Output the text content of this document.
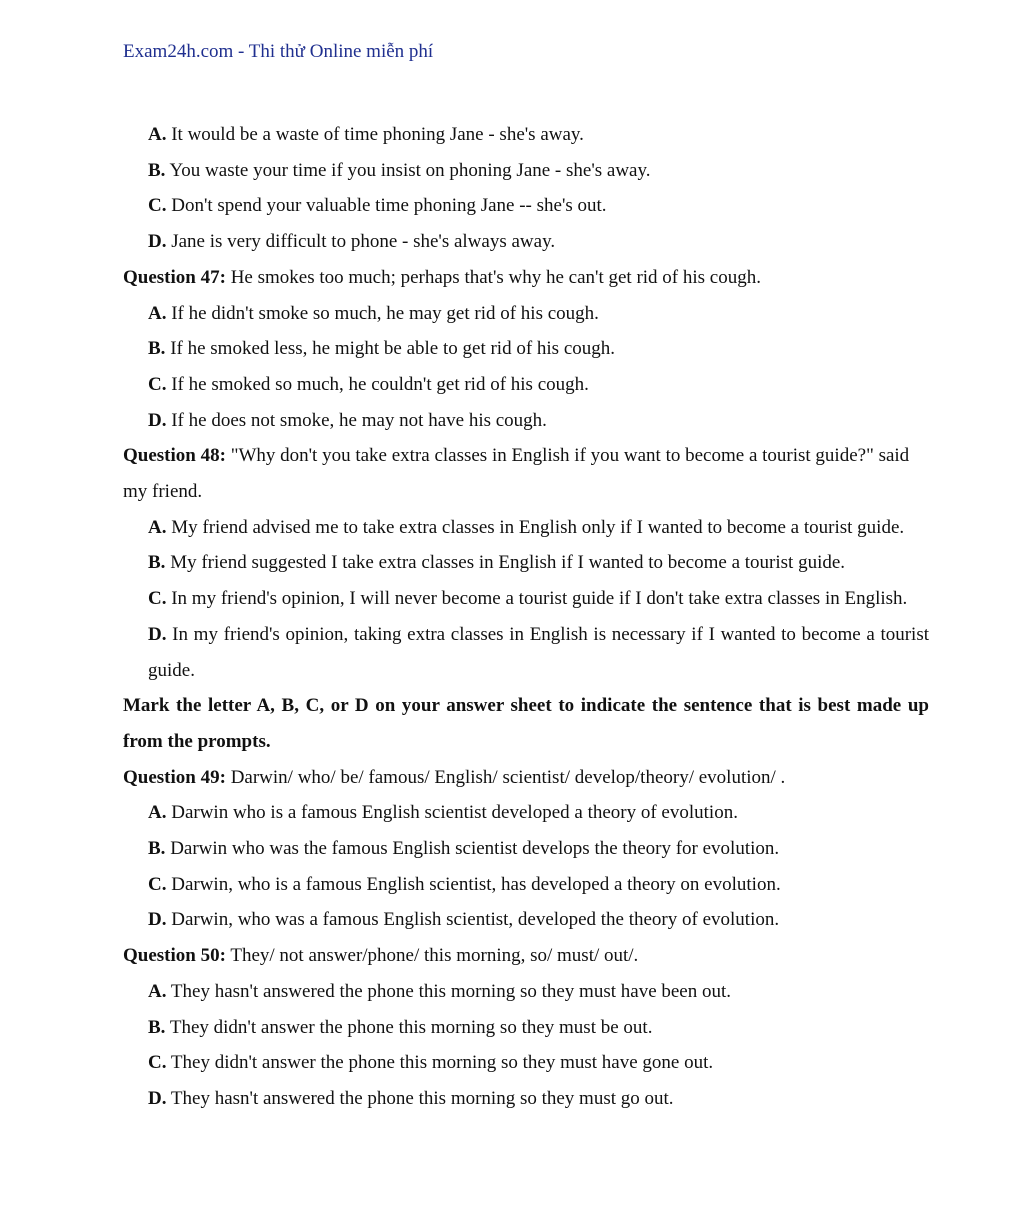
Exam24h.com - Thi thử Online miễn phí
A. It would be a waste of time phoning Jane - she's away.
B. You waste your time if you insist on phoning Jane - she's away.
C. Don't spend your valuable time phoning Jane -- she's out.
D. Jane is very difficult to phone - she's always away.
Question 47: He smokes too much; perhaps that's why he can't get rid of his cough.
A. If he didn't smoke so much, he may get rid of his cough.
B. If he smoked less, he might be able to get rid of his cough.
C. If he smoked so much, he couldn't get rid of his cough.
D. If he does not smoke, he may not have his cough.
Question 48: "Why don't you take extra classes in English if you want to become a tourist guide?" said my friend.
A. My friend advised me to take extra classes in English only if I wanted to become a tourist guide.
B. My friend suggested I take extra classes in English if I wanted to become a tourist guide.
C. In my friend's opinion, I will never become a tourist guide if I don't take extra classes in English.
D. In my friend's opinion, taking extra classes in English is necessary if I wanted to become a tourist guide.
Mark the letter A, B, C, or D on your answer sheet to indicate the sentence that is best made up from the prompts.
Question 49: Darwin/ who/ be/ famous/ English/ scientist/ develop/theory/ evolution/ .
A. Darwin who is a famous English scientist developed a theory of evolution.
B. Darwin who was the famous English scientist develops the theory for evolution.
C. Darwin, who is a famous English scientist, has developed a theory on evolution.
D. Darwin, who was a famous English scientist, developed the theory of evolution.
Question 50: They/ not answer/phone/ this morning, so/ must/ out/.
A. They hasn't answered the phone this morning so they must have been out.
B. They didn't answer the phone this morning so they must be out.
C. They didn't answer the phone this morning so they must have gone out.
D. They hasn't answered the phone this morning so they must go out.
